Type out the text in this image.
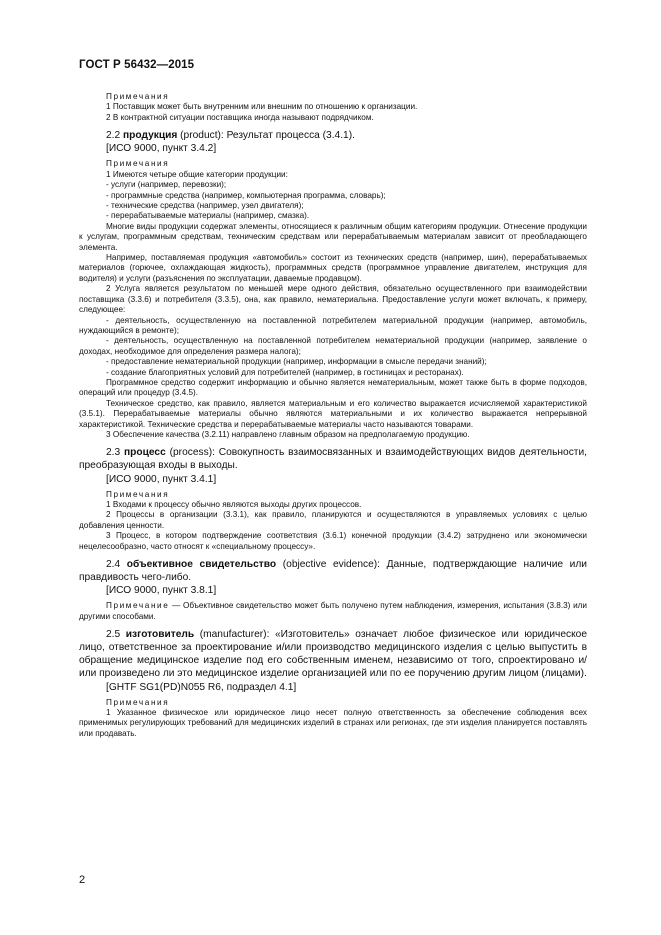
ГОСТ Р 56432—2015

Примечания

1 Поставщик может быть внутренним или внешним по отношению к организации.

2 В контрактной ситуации поставщика иногда называют подрядчиком.

2.2 продукция (product): Результат процесса (3.4.1).

[ИСО 9000, пункт 3.4.2]

Примечания

1 Имеются четыре общие категории продукции:

- услуги (например, перевозки);

- программные средства (например, компьютерная программа, словарь);

- технические средства (например, узел двигателя);

- перерабатываемые материалы (например, смазка).

Многие виды продукции содержат элементы, относящиеся к различным общим категориям продукции. Отнесение продукции к услугам, программным средствам, техническим средствам или перерабатываемым материалам зависит от преобладающего элемента.

Например, поставляемая продукция «автомобиль» состоит из технических средств (например, шин), перерабатываемых материалов (горючее, охлаждающая жидкость), программных средств (программное управление двигателем, инструкция для водителя) и услуги (разъяснения по эксплуатации, даваемые продавцом).

2 Услуга является результатом по меньшей мере одного действия, обязательно осуществленного при взаимодействии поставщика (3.3.6) и потребителя (3.3.5), она, как правило, нематериальна. Предоставление услуги может включать, к примеру, следующее:

- деятельность, осуществленную на поставленной потребителем материальной продукции (например, автомобиль, нуждающийся в ремонте);

- деятельность, осуществленную на поставленной потребителем нематериальной продукции (например, заявление о доходах, необходимое для определения размера налога);

- предоставление нематериальной продукции (например, информации в смысле передачи знаний);

- создание благоприятных условий для потребителей (например, в гостиницах и ресторанах).

Программное средство содержит информацию и обычно является нематериальным, может также быть в форме подходов, операций или процедур (3.4.5).

Техническое средство, как правило, является материальным и его количество выражается исчисляемой характеристикой (3.5.1). Перерабатываемые материалы обычно являются материальными и их количество выражается непрерывной характеристикой. Технические средства и перерабатываемые материалы часто называются товарами.

3 Обеспечение качества (3.2.11) направлено главным образом на предполагаемую продукцию.

2.3 процесс (process): Совокупность взаимосвязанных и взаимодействующих видов деятельности, преобразующая входы в выходы.

[ИСО 9000, пункт 3.4.1]

Примечания

1 Входами к процессу обычно являются выходы других процессов.

2 Процессы в организации (3.3.1), как правило, планируются и осуществляются в управляемых условиях с целью добавления ценности.

3 Процесс, в котором подтверждение соответствия (3.6.1) конечной продукции (3.4.2) затруднено или экономически нецелесообразно, часто относят к «специальному процессу».

2.4 объективное свидетельство (objective evidence): Данные, подтверждающие наличие или правдивость чего-либо.

[ИСО 9000, пункт 3.8.1]

Примечание — Объективное свидетельство может быть получено путем наблюдения, измерения, испытания (3.8.3) или другими способами.

2.5 изготовитель (manufacturer): «Изготовитель» означает любое физическое или юридическое лицо, ответственное за проектирование и/или производство медицинского изделия с целью выпустить в обращение медицинское изделие под его собственным именем, независимо от того, спроектировано и/или произведено ли это медицинское изделие организацией или по ее поручению другим лицом (лицами).

[GHTF SG1(PD)N055 R6, подраздел 4.1]

Примечания

1 Указанное физическое или юридическое лицо несет полную ответственность за обеспечение соблюдения всех применимых регулирующих требований для медицинских изделий в странах или регионах, где эти изделия планируется поставлять или продавать.

2
